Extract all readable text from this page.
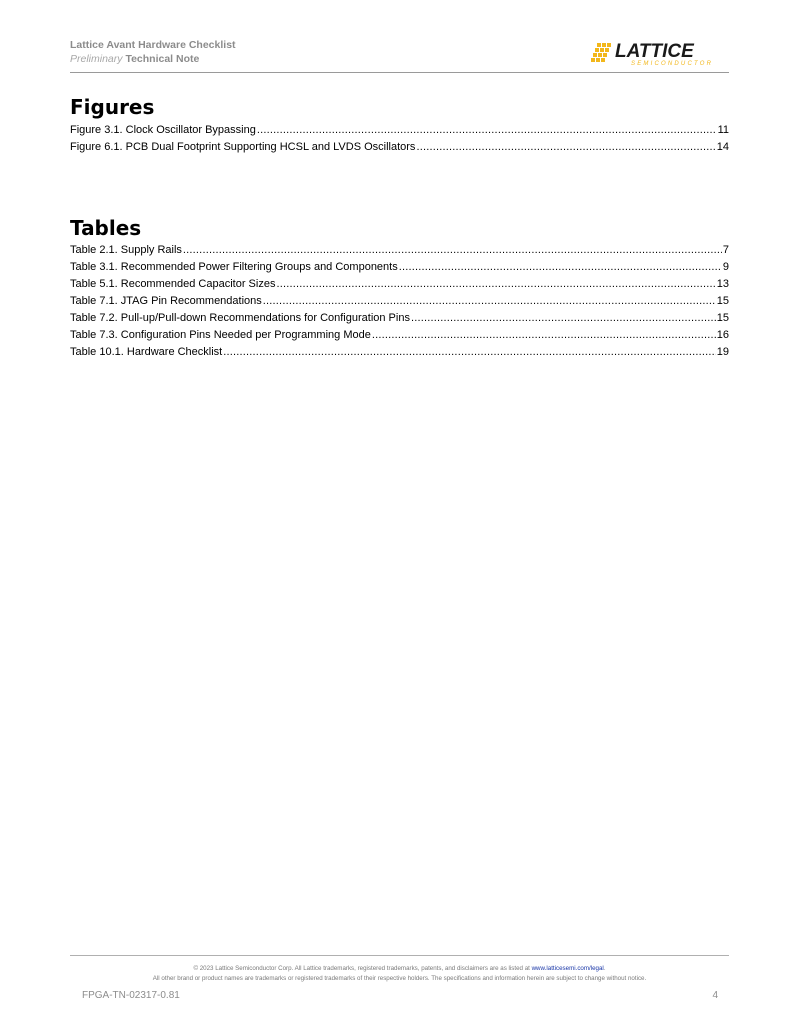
Lattice Avant Hardware Checklist
Preliminary Technical Note	LATTICE
SEMICONDUCTOR
Figures
Figure 3.1. Clock Oscillator Bypassing .....	11
Figure 6.1. PCB Dual Footprint Supporting HCSL and LVDS Oscillators .....	14
Tables
Table 2.1. Supply Rails .....	7
Table 3.1. Recommended Power Filtering Groups and Components .....	9
Table 5.1. Recommended Capacitor Sizes .....	13
Table 7.1. JTAG Pin Recommendations .....	15
Table 7.2. Pull-up/Pull-down Recommendations for Configuration Pins .....	15
Table 7.3. Configuration Pins Needed per Programming Mode .....	16
Table 10.1. Hardware Checklist .....	19
© 2023 Lattice Semiconductor Corp. All Lattice trademarks, registered trademarks, patents, and disclaimers are as listed at www.latticesemi.com/legal.
All other brand or product names are trademarks or registered trademarks of their respective holders. The specifications and information herein are subject to change without notice.
FPGA-TN-02317-0.81	4
